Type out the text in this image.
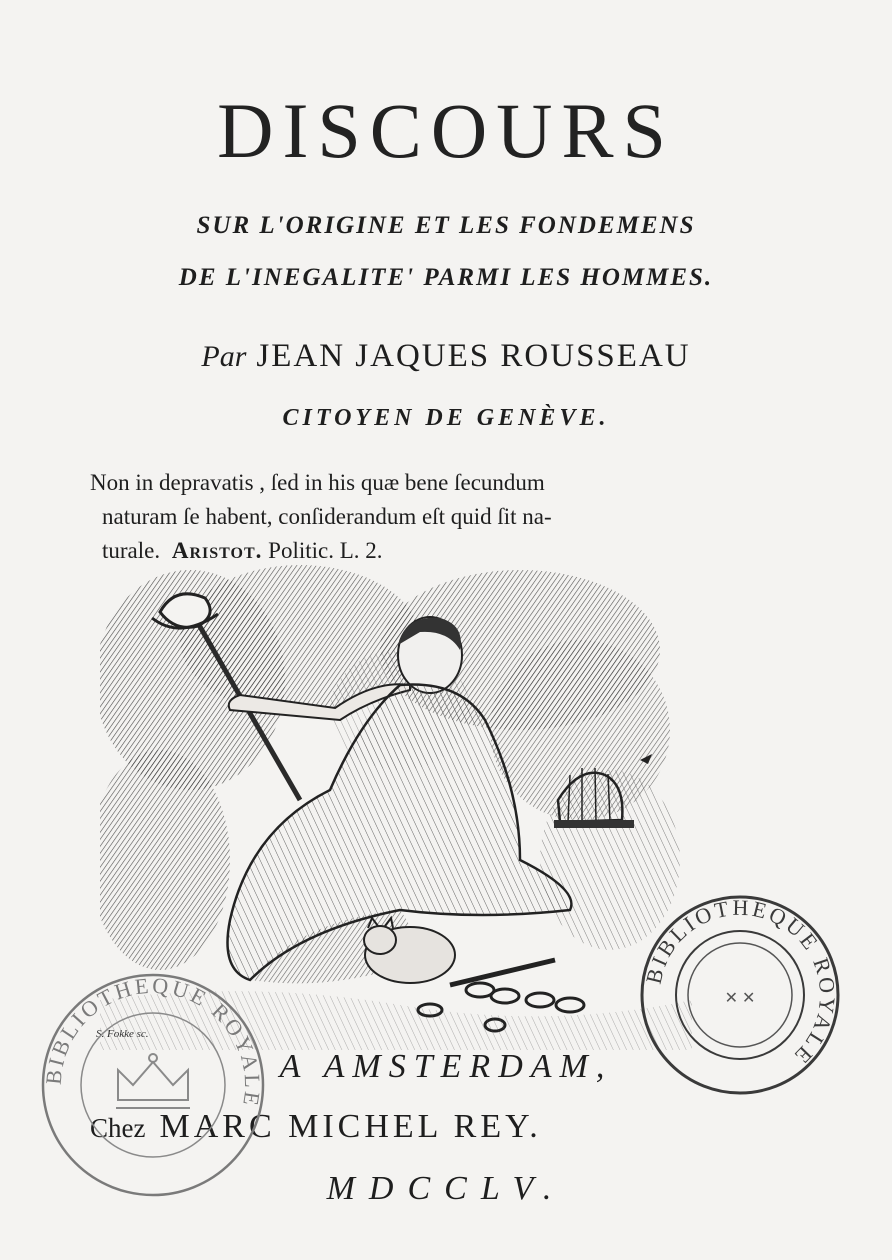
DISCOURS
SUR L'ORIGINE ET LES FONDEMENS
DE L'INEGALITE' PARMI LES HOMMES.
Par JEAN JAQUES ROUSSEAU
CITOYEN DE GENÈVE.
Non in depravatis , ſed in his quæ bene ſecundum
naturam ſe habent, conſiderandum eſt quid ſit na-
turale. Aristot. Politic. L. 2.
S. Fokke sc.
A AMSTERDAM,
Chez MARC MICHEL REY.
MDCCLV.
BIBLIOTHEQUE ROYALE
✕ ✕
BIBLIOTHEQUE ROYALE
